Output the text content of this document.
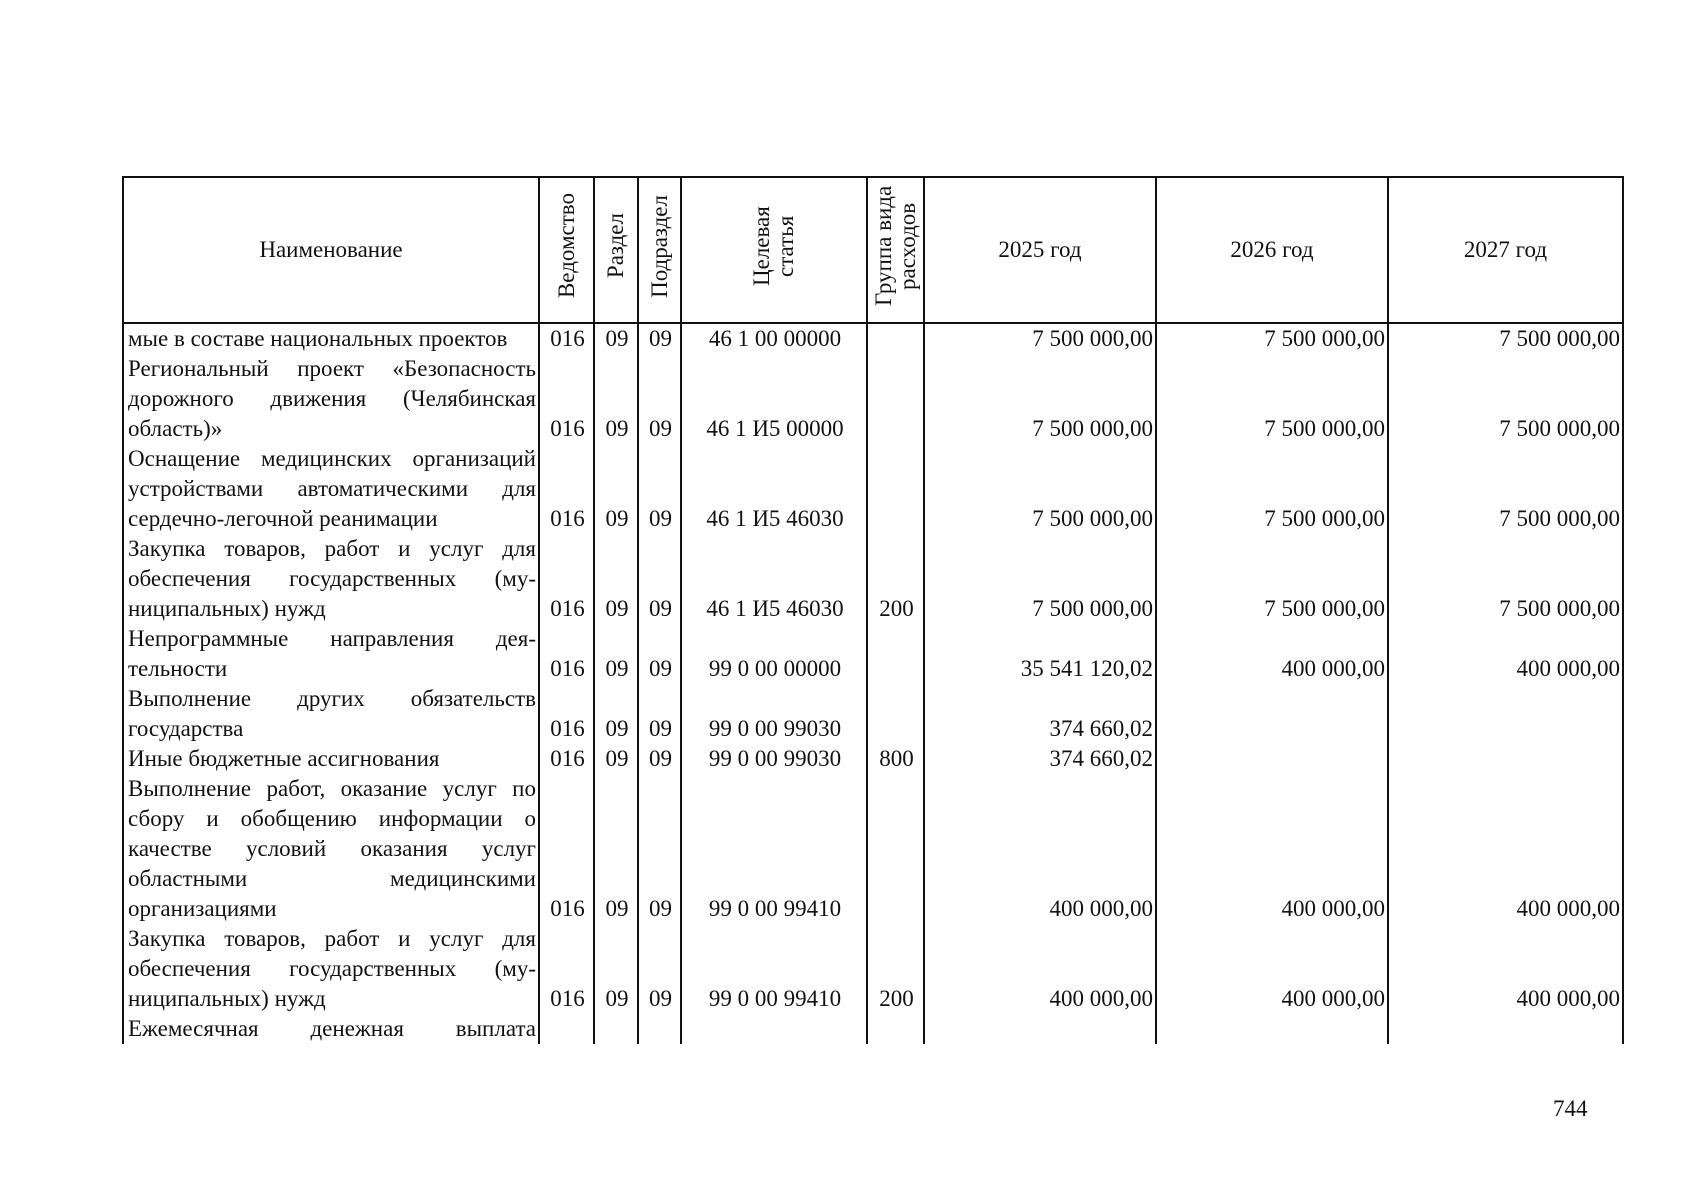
Наименование	Ведомство	Раздел	Подраздел	Целевая статья	Группа вида расходов	2025 год	2026 год	2027 год
мые в составе национальных проектов	016	09	09	46 1 00 00000		7 500 000,00	7 500 000,00	7 500 000,00
Региональный проект «Безопасность дорожного движения (Челябинская область)»	016	09	09	46 1 И5 00000		7 500 000,00	7 500 000,00	7 500 000,00
Оснащение медицинских организаций устройствами автоматическими для сердечно-легочной реанимации	016	09	09	46 1 И5 46030		7 500 000,00	7 500 000,00	7 500 000,00
Закупка товаров, работ и услуг для обеспечения государственных (муниципальных) нужд	016	09	09	46 1 И5 46030	200	7 500 000,00	7 500 000,00	7 500 000,00
Непрограммные направления деятельности	016	09	09	99 0 00 00000		35 541 120,02	400 000,00	400 000,00
Выполнение других обязательств государства	016	09	09	99 0 00 99030		374 660,02		
Иные бюджетные ассигнования	016	09	09	99 0 00 99030	800	374 660,02		
Выполнение работ, оказание услуг по сбору и обобщению информации о качестве условий оказания услуг областными медицинскими организациями	016	09	09	99 0 00 99410		400 000,00	400 000,00	400 000,00
Закупка товаров, работ и услуг для обеспечения государственных (муниципальных) нужд	016	09	09	99 0 00 99410	200	400 000,00	400 000,00	400 000,00
Ежемесячная денежная выплата								
744
